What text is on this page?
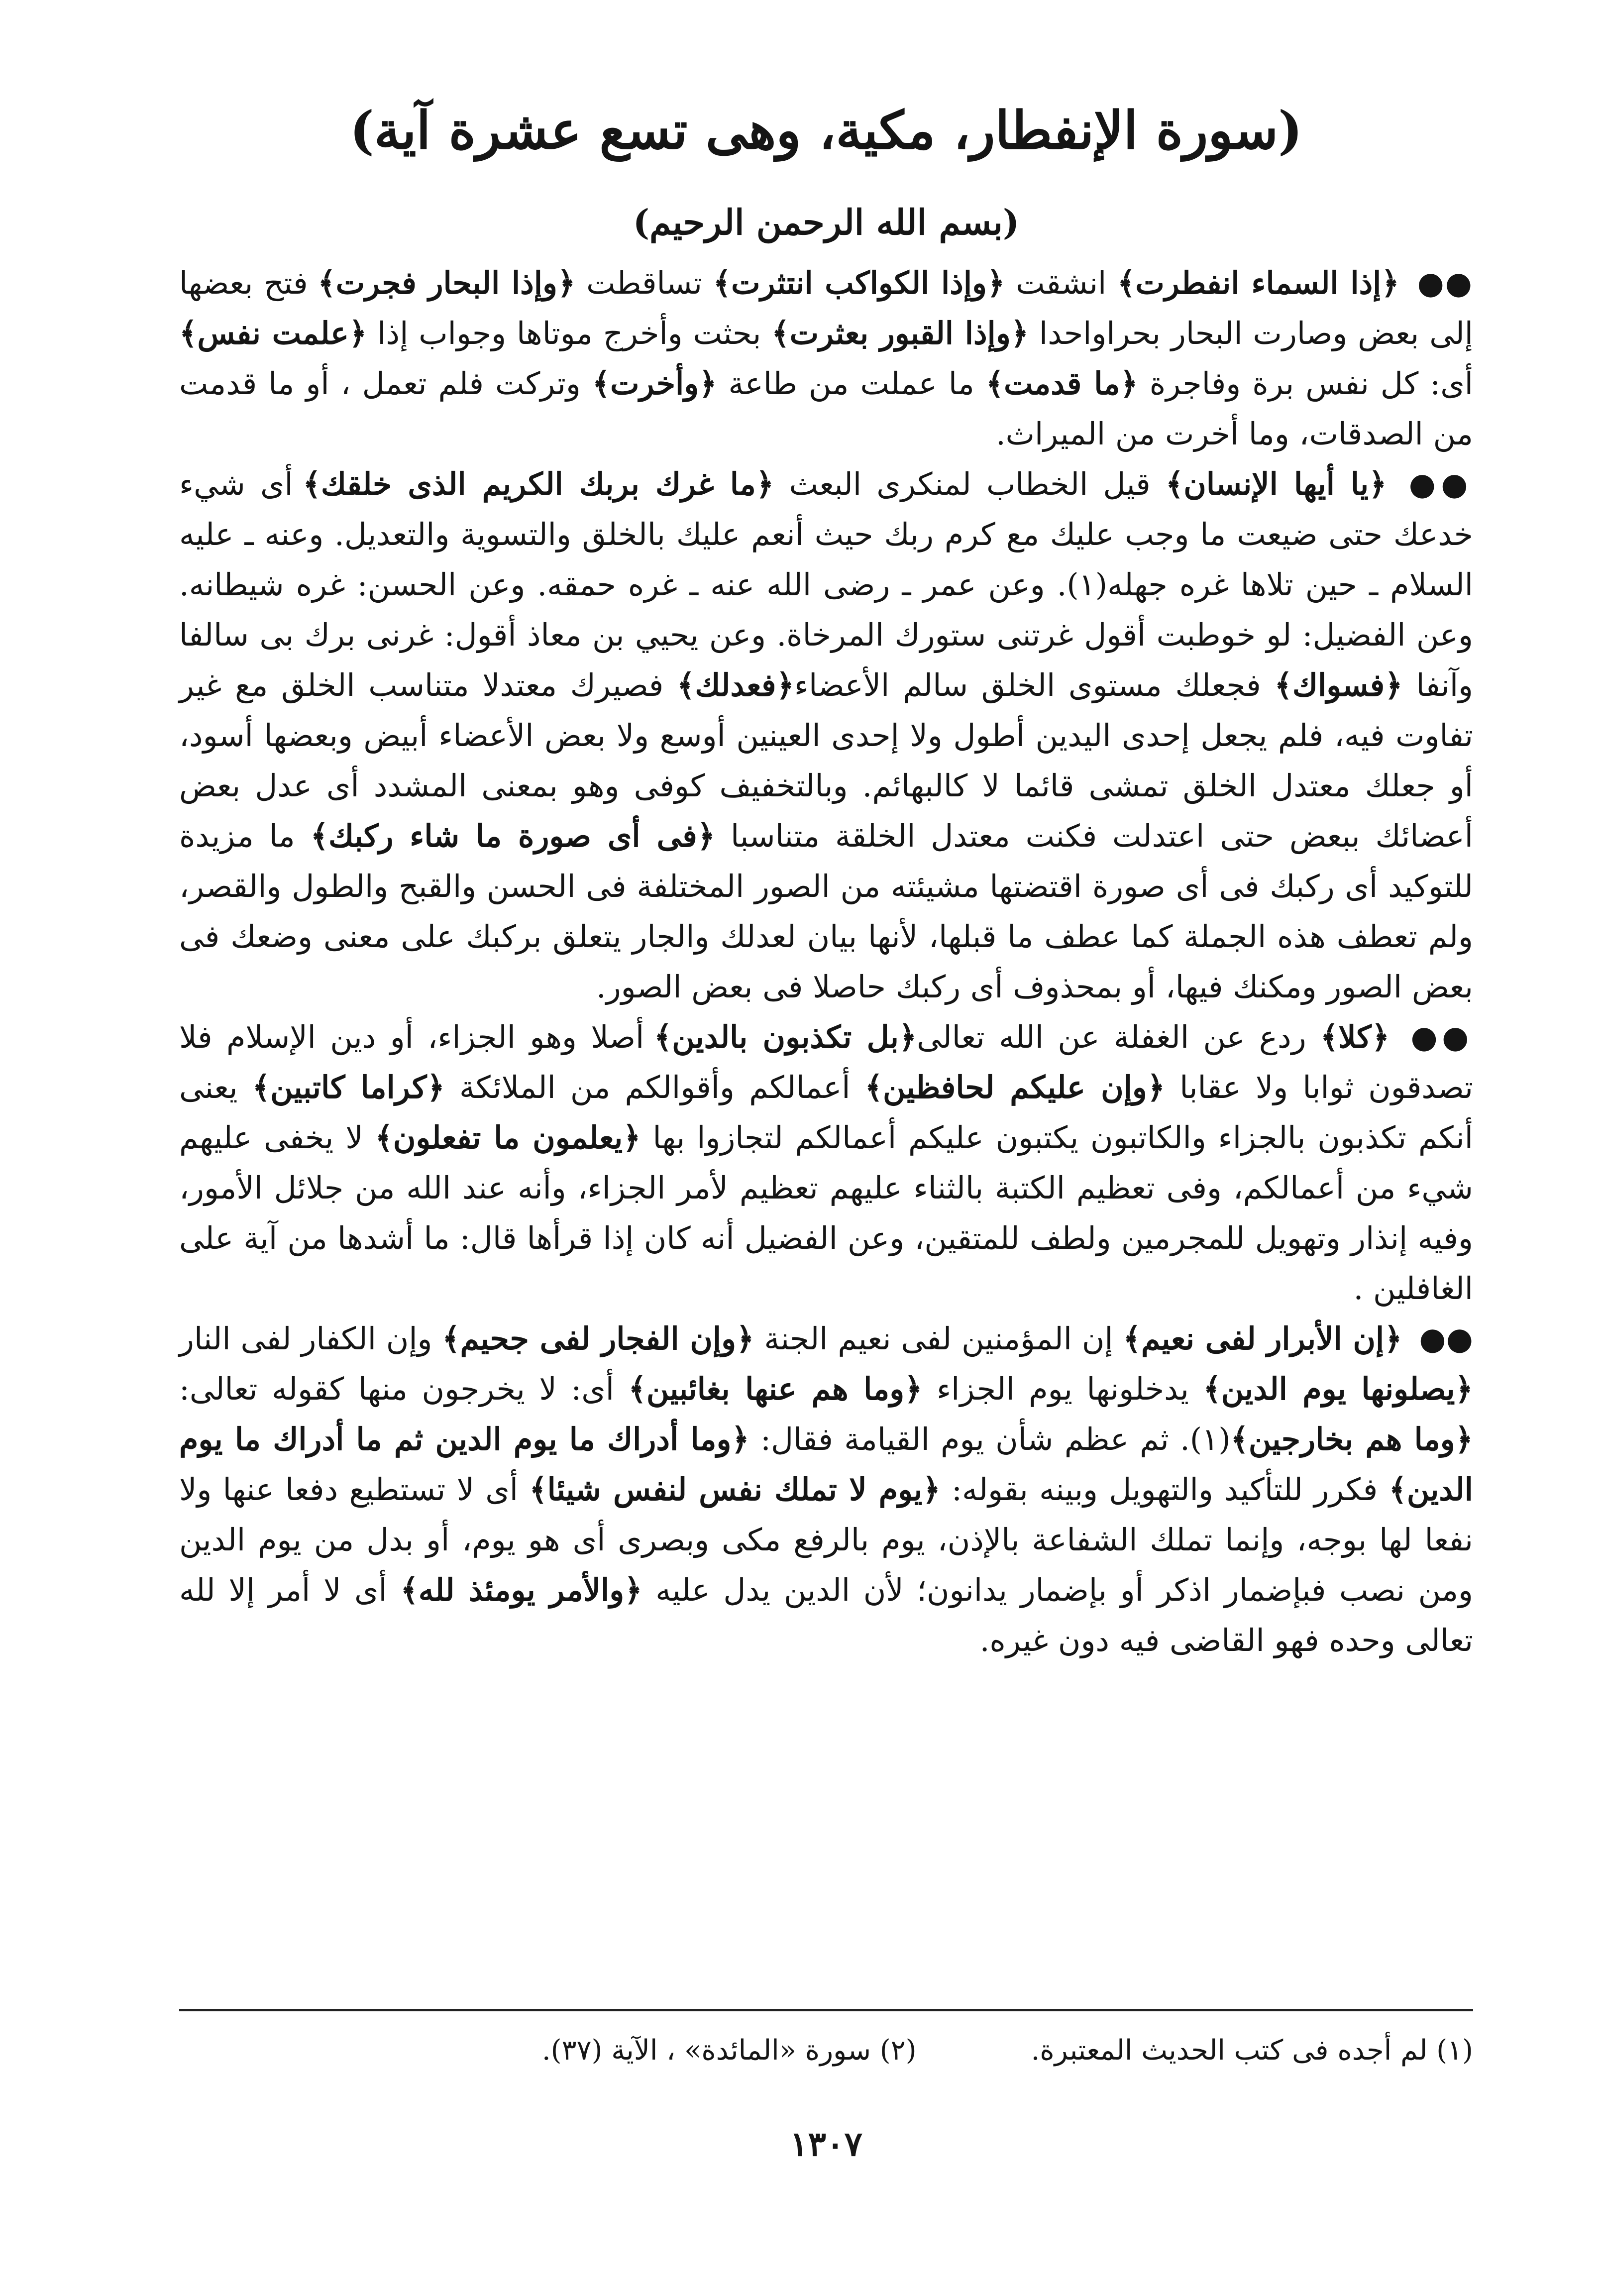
(سورة الإنفطار، مكية، وهى تسع عشرة آية)
(بسم الله الرحمن الرحيم)

●● ﴿إذا السماء انفطرت﴾ انشقت ﴿وإذا الكواكب انتثرت﴾ تساقطت ﴿وإذا البحار فجرت﴾ فتح بعضها إلى بعض وصارت البحار بحراواحدا ﴿وإذا القبور بعثرت﴾ بحثت وأخرج موتاها وجواب إذا ﴿علمت نفس﴾ أى: كل نفس برة وفاجرة ﴿ما قدمت﴾ ما عملت من طاعة ﴿وأخرت﴾ وتركت فلم تعمل ، أو ما قدمت من الصدقات، وما أخرت من الميراث.

●● ﴿يا أيها الإنسان﴾ قيل الخطاب لمنكرى البعث ﴿ما غرك بربك الكريم الذى خلقك﴾ أى شيء خدعك حتى ضيعت ما وجب عليك مع كرم ربك حيث أنعم عليك بالخلق والتسوية والتعديل. وعنه ـ عليه السلام ـ حين تلاها غره جهله(١). وعن عمر ـ رضى الله عنه ـ غره حمقه. وعن الحسن: غره شيطانه. وعن الفضيل: لو خوطبت أقول غرتنى ستورك المرخاة. وعن يحيي بن معاذ أقول: غرنى برك بى سالفا وآنفا ﴿فسواك﴾ فجعلك مستوى الخلق سالم الأعضاء﴿فعدلك﴾ فصيرك معتدلا متناسب الخلق مع غير تفاوت فيه، فلم يجعل إحدى اليدين أطول ولا إحدى العينين أوسع ولا بعض الأعضاء أبيض وبعضها أسود، أو جعلك معتدل الخلق تمشى قائما لا كالبهائم. وبالتخفيف كوفى وهو بمعنى المشدد أى عدل بعض أعضائك ببعض حتى اعتدلت فكنت معتدل الخلقة متناسبا ﴿فى أى صورة ما شاء ركبك﴾ ما مزيدة للتوكيد أى ركبك فى أى صورة اقتضتها مشيئته من الصور المختلفة فى الحسن والقبح والطول والقصر، ولم تعطف هذه الجملة كما عطف ما قبلها، لأنها بيان لعدلك والجار يتعلق بركبك على معنى وضعك فى بعض الصور ومكنك فيها، أو بمحذوف أى ركبك حاصلا فى بعض الصور.

●● ﴿كلا﴾ ردع عن الغفلة عن الله تعالى﴿بل تكذبون بالدين﴾ أصلا وهو الجزاء، أو دين الإسلام فلا تصدقون ثوابا ولا عقابا ﴿وإن عليكم لحافظين﴾ أعمالكم وأقوالكم من الملائكة ﴿كراما كاتبين﴾ يعنى أنكم تكذبون بالجزاء والكاتبون يكتبون عليكم أعمالكم لتجازوا بها ﴿يعلمون ما تفعلون﴾ لا يخفى عليهم شيء من أعمالكم، وفى تعظيم الكتبة بالثناء عليهم تعظيم لأمر الجزاء، وأنه عند الله من جلائل الأمور، وفيه إنذار وتهويل للمجرمين ولطف للمتقين، وعن الفضيل أنه كان إذا قرأها قال: ما أشدها من آية على الغافلين .

●● ﴿إن الأبرار لفى نعيم﴾ إن المؤمنين لفى نعيم الجنة ﴿وإن الفجار لفى جحيم﴾ وإن الكفار لفى النار ﴿يصلونها يوم الدين﴾ يدخلونها يوم الجزاء ﴿وما هم عنها بغائبين﴾ أى: لا يخرجون منها كقوله تعالى: ﴿وما هم بخارجين﴾(١). ثم عظم شأن يوم القيامة فقال: ﴿وما أدراك ما يوم الدين ثم ما أدراك ما يوم الدين﴾ فكرر للتأكيد والتهويل وبينه بقوله: ﴿يوم لا تملك نفس لنفس شيئا﴾ أى لا تستطيع دفعا عنها ولا نفعا لها بوجه، وإنما تملك الشفاعة بالإذن، يوم بالرفع مكى وبصرى أى هو يوم، أو بدل من يوم الدين ومن نصب فبإضمار اذكر أو بإضمار يدانون؛ لأن الدين يدل عليه ﴿والأمر يومئذ لله﴾ أى لا أمر إلا لله تعالى وحده فهو القاضى فيه دون غيره.

(١) لم أجده فى كتب الحديث المعتبرة.
(٢) سورة «المائدة» ، الآية (٣٧).
١٣٠٧
